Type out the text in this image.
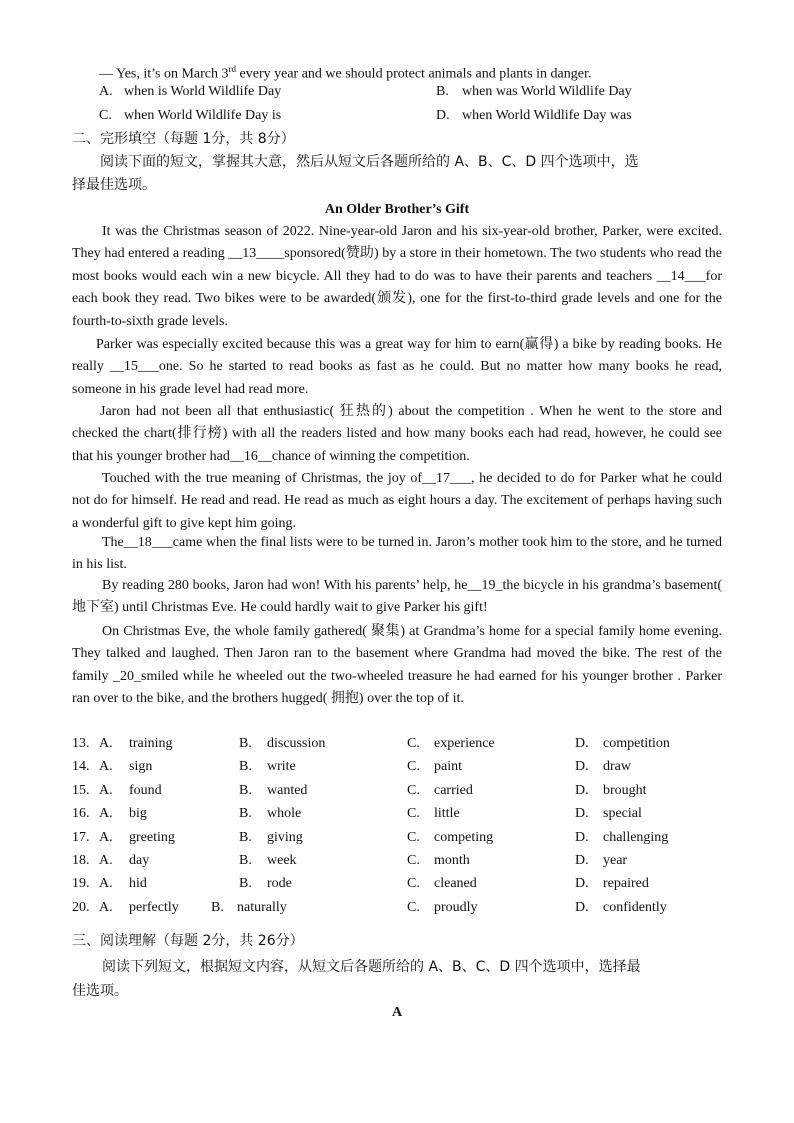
— Yes, it’s on March 3rd every year and we should protect animals and plants in danger.
A. when is World Wildlife Day	B. when was World Wildlife Day
C. when World Wildlife Day is	D. when World Wildlife Day was
二、完形填空（每题 1分，共 8分）
阅读下面的短文，掌握其大意，然后从短文后各题所给的 A、B、C、D 四个选项中，选
择最佳选项。
An Older Brother’s Gift
It was the Christmas season of 2022. Nine-year-old Jaron and his six-year-old brother, Parker, were excited. They had entered a reading __13____sponsored(赞助) by a store in their hometown. The two students who read the most books would each win a new bicycle. All they had to do was to have their parents and teachers __14___for each book they read. Two bikes were to be awarded(颁发), one for the first-to-third grade levels and one for the fourth-to-sixth grade levels.
Parker was especially excited because this was a great way for him to earn(赢得) a bike by reading books. He really __15___one. So he started to read books as fast as he could. But no matter how many books he read, someone in his grade level had read more.
Jaron had not been all that enthusiastic( 狂热的) about the competition . When he went to the store and checked the chart(排行榜) with all the readers listed and how many books each had read, however, he could see that his younger brother had__16__chance of winning the competition.
Touched with the true meaning of Christmas, the joy of__17___, he decided to do for Parker what he could not do for himself. He read and read. He read as much as eight hours a day. The excitement of perhaps having such a wonderful gift to give kept him going.
The__18___came when the final lists were to be turned in. Jaron’s mother took him to the store, and he turned in his list.
By reading 280 books, Jaron had won! With his parents’ help, he__19_the bicycle in his grandma’s basement( 地下室) until Christmas Eve. He could hardly wait to give Parker his gift!
On Christmas Eve, the whole family gathered( 聚集) at Grandma’s home for a special family home evening. They talked and laughed. Then Jaron ran to the basement where Grandma had moved the bike. The rest of the family _20_smiled while he wheeled out the two-wheeled treasure he had earned for his younger brother . Parker ran over to the bike, and the brothers hugged( 拥抱) over the top of it.
13. A. training	B. discussion	C. experience	D. competition
14. A. sign	B. write	C. paint	D. draw
15. A. found	B. wanted	C. carried	D. brought
16. A. big	B. whole	C. little	D. special
17. A. greeting	B. giving	C. competing	D. challenging
18. A. day	B. week	C. month	D. year
19. A. hid	B. rode	C. cleaned	D. repaired
20. A. perfectly B. naturally	C. proudly	D. confidently
三、阅读理解（每题 2分，共 26分）
阅读下列短文，根据短文内容，从短文后各题所给的 A、B、C、D 四个选项中，选择最
佳选项。
A
